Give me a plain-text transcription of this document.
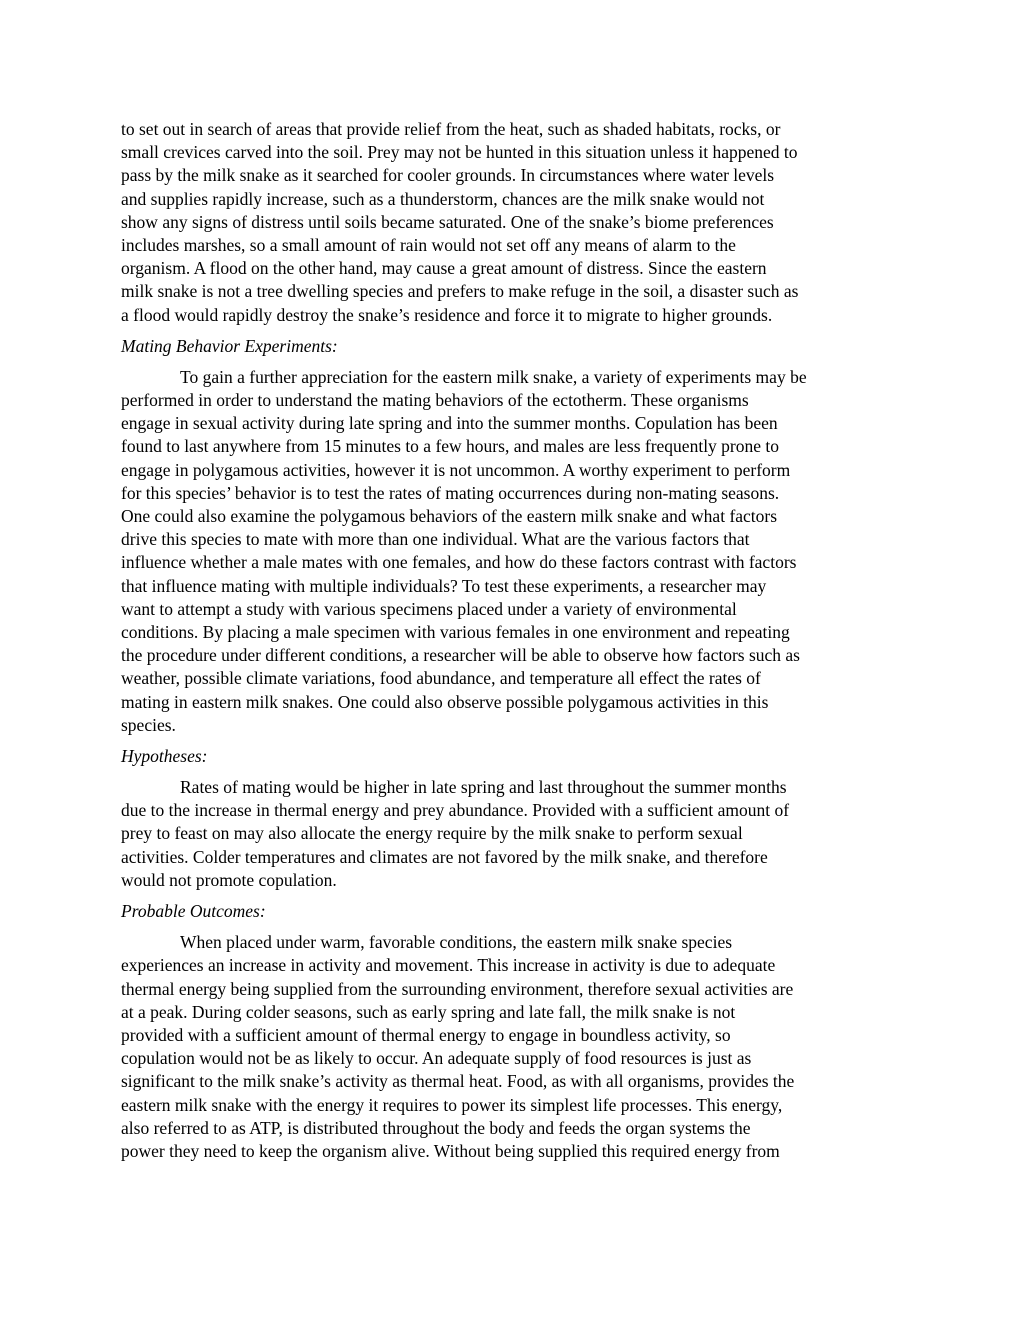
to set out in search of areas that provide relief from the heat, such as shaded habitats, rocks, or
small crevices carved into the soil. Prey may not be hunted in this situation unless it happened to
pass by the milk snake as it searched for cooler grounds. In circumstances where water levels
and supplies rapidly increase, such as a thunderstorm, chances are the milk snake would not
show any signs of distress until soils became saturated. One of the snake’s biome preferences
includes marshes, so a small amount of rain would not set off any means of alarm to the
organism. A flood on the other hand, may cause a great amount of distress. Since the eastern
milk snake is not a tree dwelling species and prefers to make refuge in the soil, a disaster such as
a flood would rapidly destroy the snake’s residence and force it to migrate to higher grounds.
Mating Behavior Experiments:
To gain a further appreciation for the eastern milk snake, a variety of experiments may be
performed in order to understand the mating behaviors of the ectotherm. These organisms
engage in sexual activity during late spring and into the summer months. Copulation has been
found to last anywhere from 15 minutes to a few hours, and males are less frequently prone to
engage in polygamous activities, however it is not uncommon. A worthy experiment to perform
for this species’ behavior is to test the rates of mating occurrences during non-mating seasons.
One could also examine the polygamous behaviors of the eastern milk snake and what factors
drive this species to mate with more than one individual. What are the various factors that
influence whether a male mates with one females, and how do these factors contrast with factors
that influence mating with multiple individuals? To test these experiments, a researcher may
want to attempt a study with various specimens placed under a variety of environmental
conditions. By placing a male specimen with various females in one environment and repeating
the procedure under different conditions, a researcher will be able to observe how factors such as
weather, possible climate variations, food abundance, and temperature all effect the rates of
mating in eastern milk snakes. One could also observe possible polygamous activities in this
species.
Hypotheses:
Rates of mating would be higher in late spring and last throughout the summer months
due to the increase in thermal energy and prey abundance. Provided with a sufficient amount of
prey to feast on may also allocate the energy require by the milk snake to perform sexual
activities. Colder temperatures and climates are not favored by the milk snake, and therefore
would not promote copulation.
Probable Outcomes:
When placed under warm, favorable conditions, the eastern milk snake species
experiences an increase in activity and movement. This increase in activity is due to adequate
thermal energy being supplied from the surrounding environment, therefore sexual activities are
at a peak. During colder seasons, such as early spring and late fall, the milk snake is not
provided with a sufficient amount of thermal energy to engage in boundless activity, so
copulation would not be as likely to occur. An adequate supply of food resources is just as
significant to the milk snake’s activity as thermal heat. Food, as with all organisms, provides the
eastern milk snake with the energy it requires to power its simplest life processes. This energy,
also referred to as ATP, is distributed throughout the body and feeds the organ systems the
power they need to keep the organism alive. Without being supplied this required energy from
